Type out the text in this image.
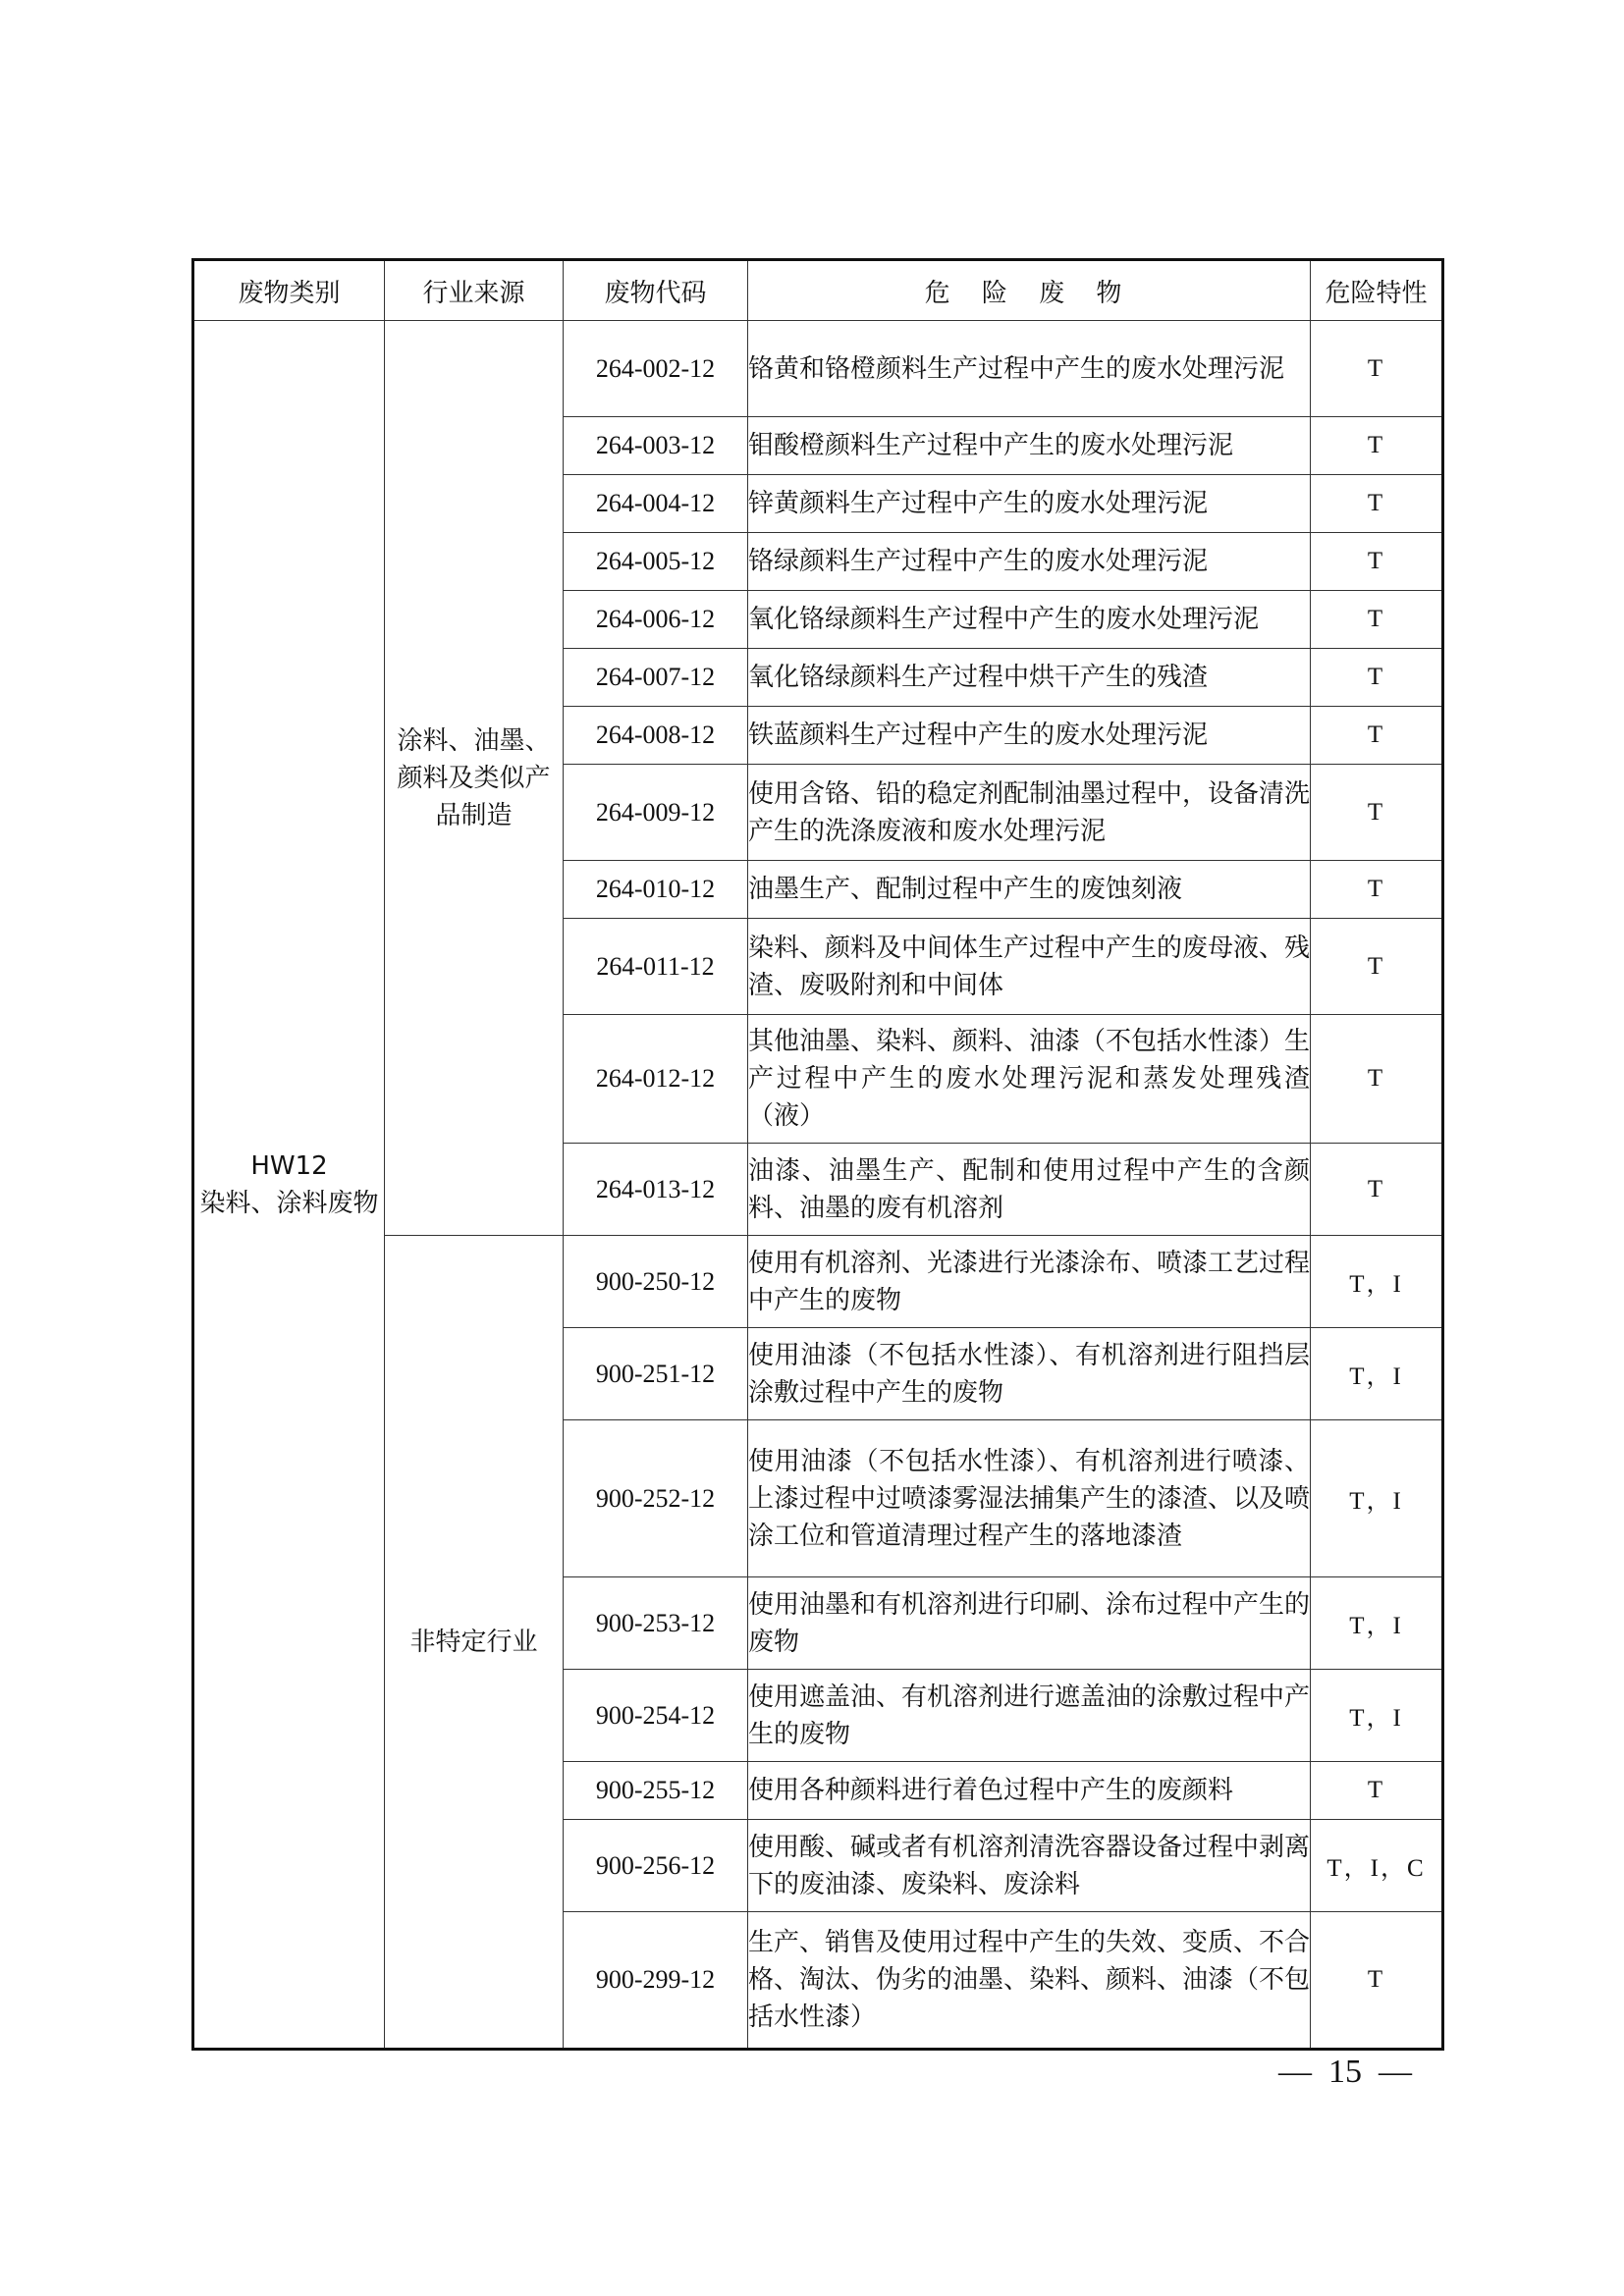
废物类别	行业来源	废物代码	危 险 废 物	危险特性

HW12
染料、涂料废物	涂料、油墨、颜料及类似产品制造	264-002-12	铬黄和铬橙颜料生产过程中产生的废水处理污泥	T
		264-003-12	钼酸橙颜料生产过程中产生的废水处理污泥	T
		264-004-12	锌黄颜料生产过程中产生的废水处理污泥	T
		264-005-12	铬绿颜料生产过程中产生的废水处理污泥	T
		264-006-12	氧化铬绿颜料生产过程中产生的废水处理污泥	T
		264-007-12	氧化铬绿颜料生产过程中烘干产生的残渣	T
		264-008-12	铁蓝颜料生产过程中产生的废水处理污泥	T
		264-009-12	使用含铬、铅的稳定剂配制油墨过程中，设备清洗产生的洗涤废液和废水处理污泥	T
		264-010-12	油墨生产、配制过程中产生的废蚀刻液	T
		264-011-12	染料、颜料及中间体生产过程中产生的废母液、残渣、废吸附剂和中间体	T
		264-012-12	其他油墨、染料、颜料、油漆（不包括水性漆）生产过程中产生的废水处理污泥和蒸发处理残渣（液）	T
		264-013-12	油漆、油墨生产、配制和使用过程中产生的含颜料、油墨的废有机溶剂	T
	非特定行业	900-250-12	使用有机溶剂、光漆进行光漆涂布、喷漆工艺过程中产生的废物	T，I
		900-251-12	使用油漆（不包括水性漆）、有机溶剂进行阻挡层涂敷过程中产生的废物	T，I
		900-252-12	使用油漆（不包括水性漆）、有机溶剂进行喷漆、上漆过程中过喷漆雾湿法捕集产生的漆渣、以及喷涂工位和管道清理过程产生的落地漆渣	T，I
		900-253-12	使用油墨和有机溶剂进行印刷、涂布过程中产生的废物	T，I
		900-254-12	使用遮盖油、有机溶剂进行遮盖油的涂敷过程中产生的废物	T，I
		900-255-12	使用各种颜料进行着色过程中产生的废颜料	T
		900-256-12	使用酸、碱或者有机溶剂清洗容器设备过程中剥离下的废油漆、废染料、废涂料	T，I，C
		900-299-12	生产、销售及使用过程中产生的失效、变质、不合格、淘汰、伪劣的油墨、染料、颜料、油漆（不包括水性漆）	T
—  15  —
